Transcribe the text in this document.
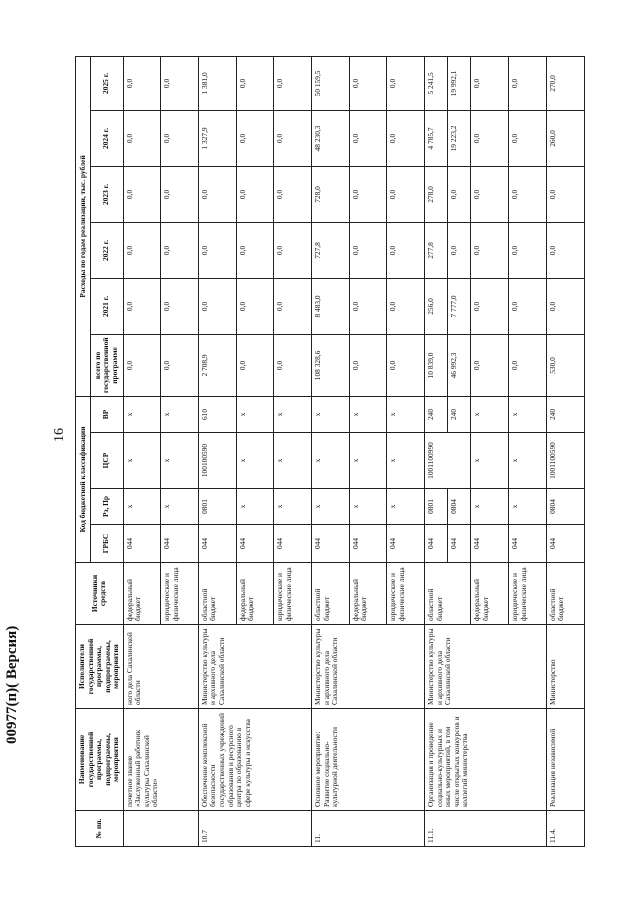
16
00977(п)( Версия)
№ пп.	Наименование государственной программы, подпрограммы, мероприятия	Исполнители государственной программы, подпрограммы, мероприятия	Источники средств	Код бюджетной классификации				Расходы по годам реализации, тыс. рублей					
				ГРБС	Рз, Пр	ЦСР	ВР	всего по государственной программе	2021 г.	2022 г.	2023 г.	2024 г.	2025 г.
	почетное звание «Заслуженный работник культуры Сахалинской области»	ного дела Сахалинской области	федеральный бюджет	044	х	х	х	0,0	0,0	0,0	0,0	0,0	0,0
			юридические и физические лица	044	х	х	х	0,0	0,0	0,0	0,0	0,0	0,0
10.7	Обеспечение комплексной безопасности государственных учреждений образования и ресурсного центра по образованию в сфере культуры и искусства	Министерство культуры и архивного дела Сахалинской области	областной бюджет	044	0801	100100590	610	2 708,9	0,0	0,0	0,0	1 327,9	1 381,0
			федеральный бюджет	044	х	х	х	0,0	0,0	0,0	0,0	0,0	0,0
			юридические и физические лица	044	х	х	х	0,0	0,0	0,0	0,0	0,0	0,0
11.	Основное мероприятие: Развитие социально-культурной деятельности	Министерство культуры и архивного дела Сахалинской области	областной бюджет	044	х	х	х	108 328,6	8 483,0	727,8	728,0	48 230,3	50 159,5
			федеральный бюджет	044	х	х	х	0,0	0,0	0,0	0,0	0,0	0,0
			юридические и физические лица	044	х	х	х	0,0	0,0	0,0	0,0	0,0	0,0
11.1.	Организация и проведение социально-культурных и иных мероприятий, в том числе открытых конкурсов и коллегий министерства	Министерство культуры и архивного дела Сахалинской области	областной бюджет	044	0801	1001100990	240	10 839,0	256,0	277,8	278,0	4 785,7	5 241,5
				044	0804		240	46 992,3	7 777,0	0,0	0,0	19 223,2	19 992,1
			федеральный бюджет	044	х	х	х	0,0	0,0	0,0	0,0	0,0	0,0
			юридические и физические лица	044	х	х	х	0,0	0,0	0,0	0,0	0,0	0,0
11.4.	Реализация независимой	Министерство	областной бюджет	044	0804	1001100590	240	530,0	0,0	0,0	0,0	260,0	270,0
